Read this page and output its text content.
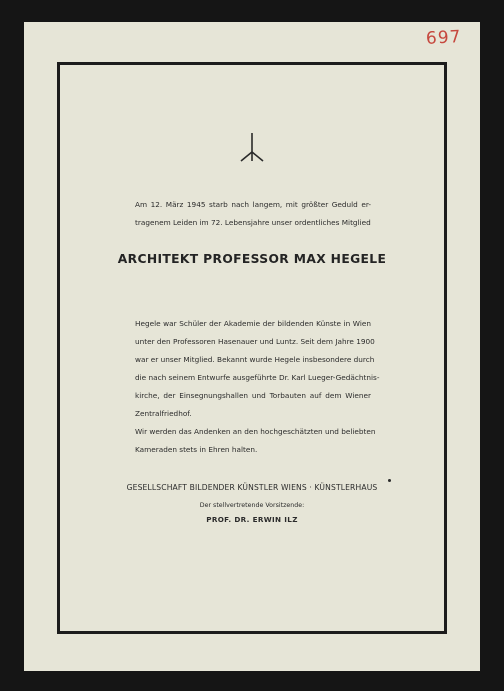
697
Am 12. März 1945 starb nach langem, mit größter Geduld er-
tragenem Leiden im 72. Lebensjahre unser ordentliches Mitglied
ARCHITEKT PROFESSOR MAX HEGELE
Hegele war Schüler der Akademie der bildenden Künste in Wien
unter den Professoren Hasenauer und Luntz. Seit dem Jahre 1900
war er unser Mitglied. Bekannt wurde Hegele insbesondere durch
die nach seinem Entwurfe ausgeführte Dr. Karl Lueger-Gedächtnis-
kirche, der Einsegnungshallen und Torbauten auf dem Wiener
Zentralfriedhof.
Wir werden das Andenken an den hochgeschätzten und beliebten
Kameraden stets in Ehren halten.
GESELLSCHAFT BILDENDER KÜNSTLER WIENS · KÜNSTLERHAUS
Der stellvertretende Vorsitzende:
PROF. DR. ERWIN ILZ
